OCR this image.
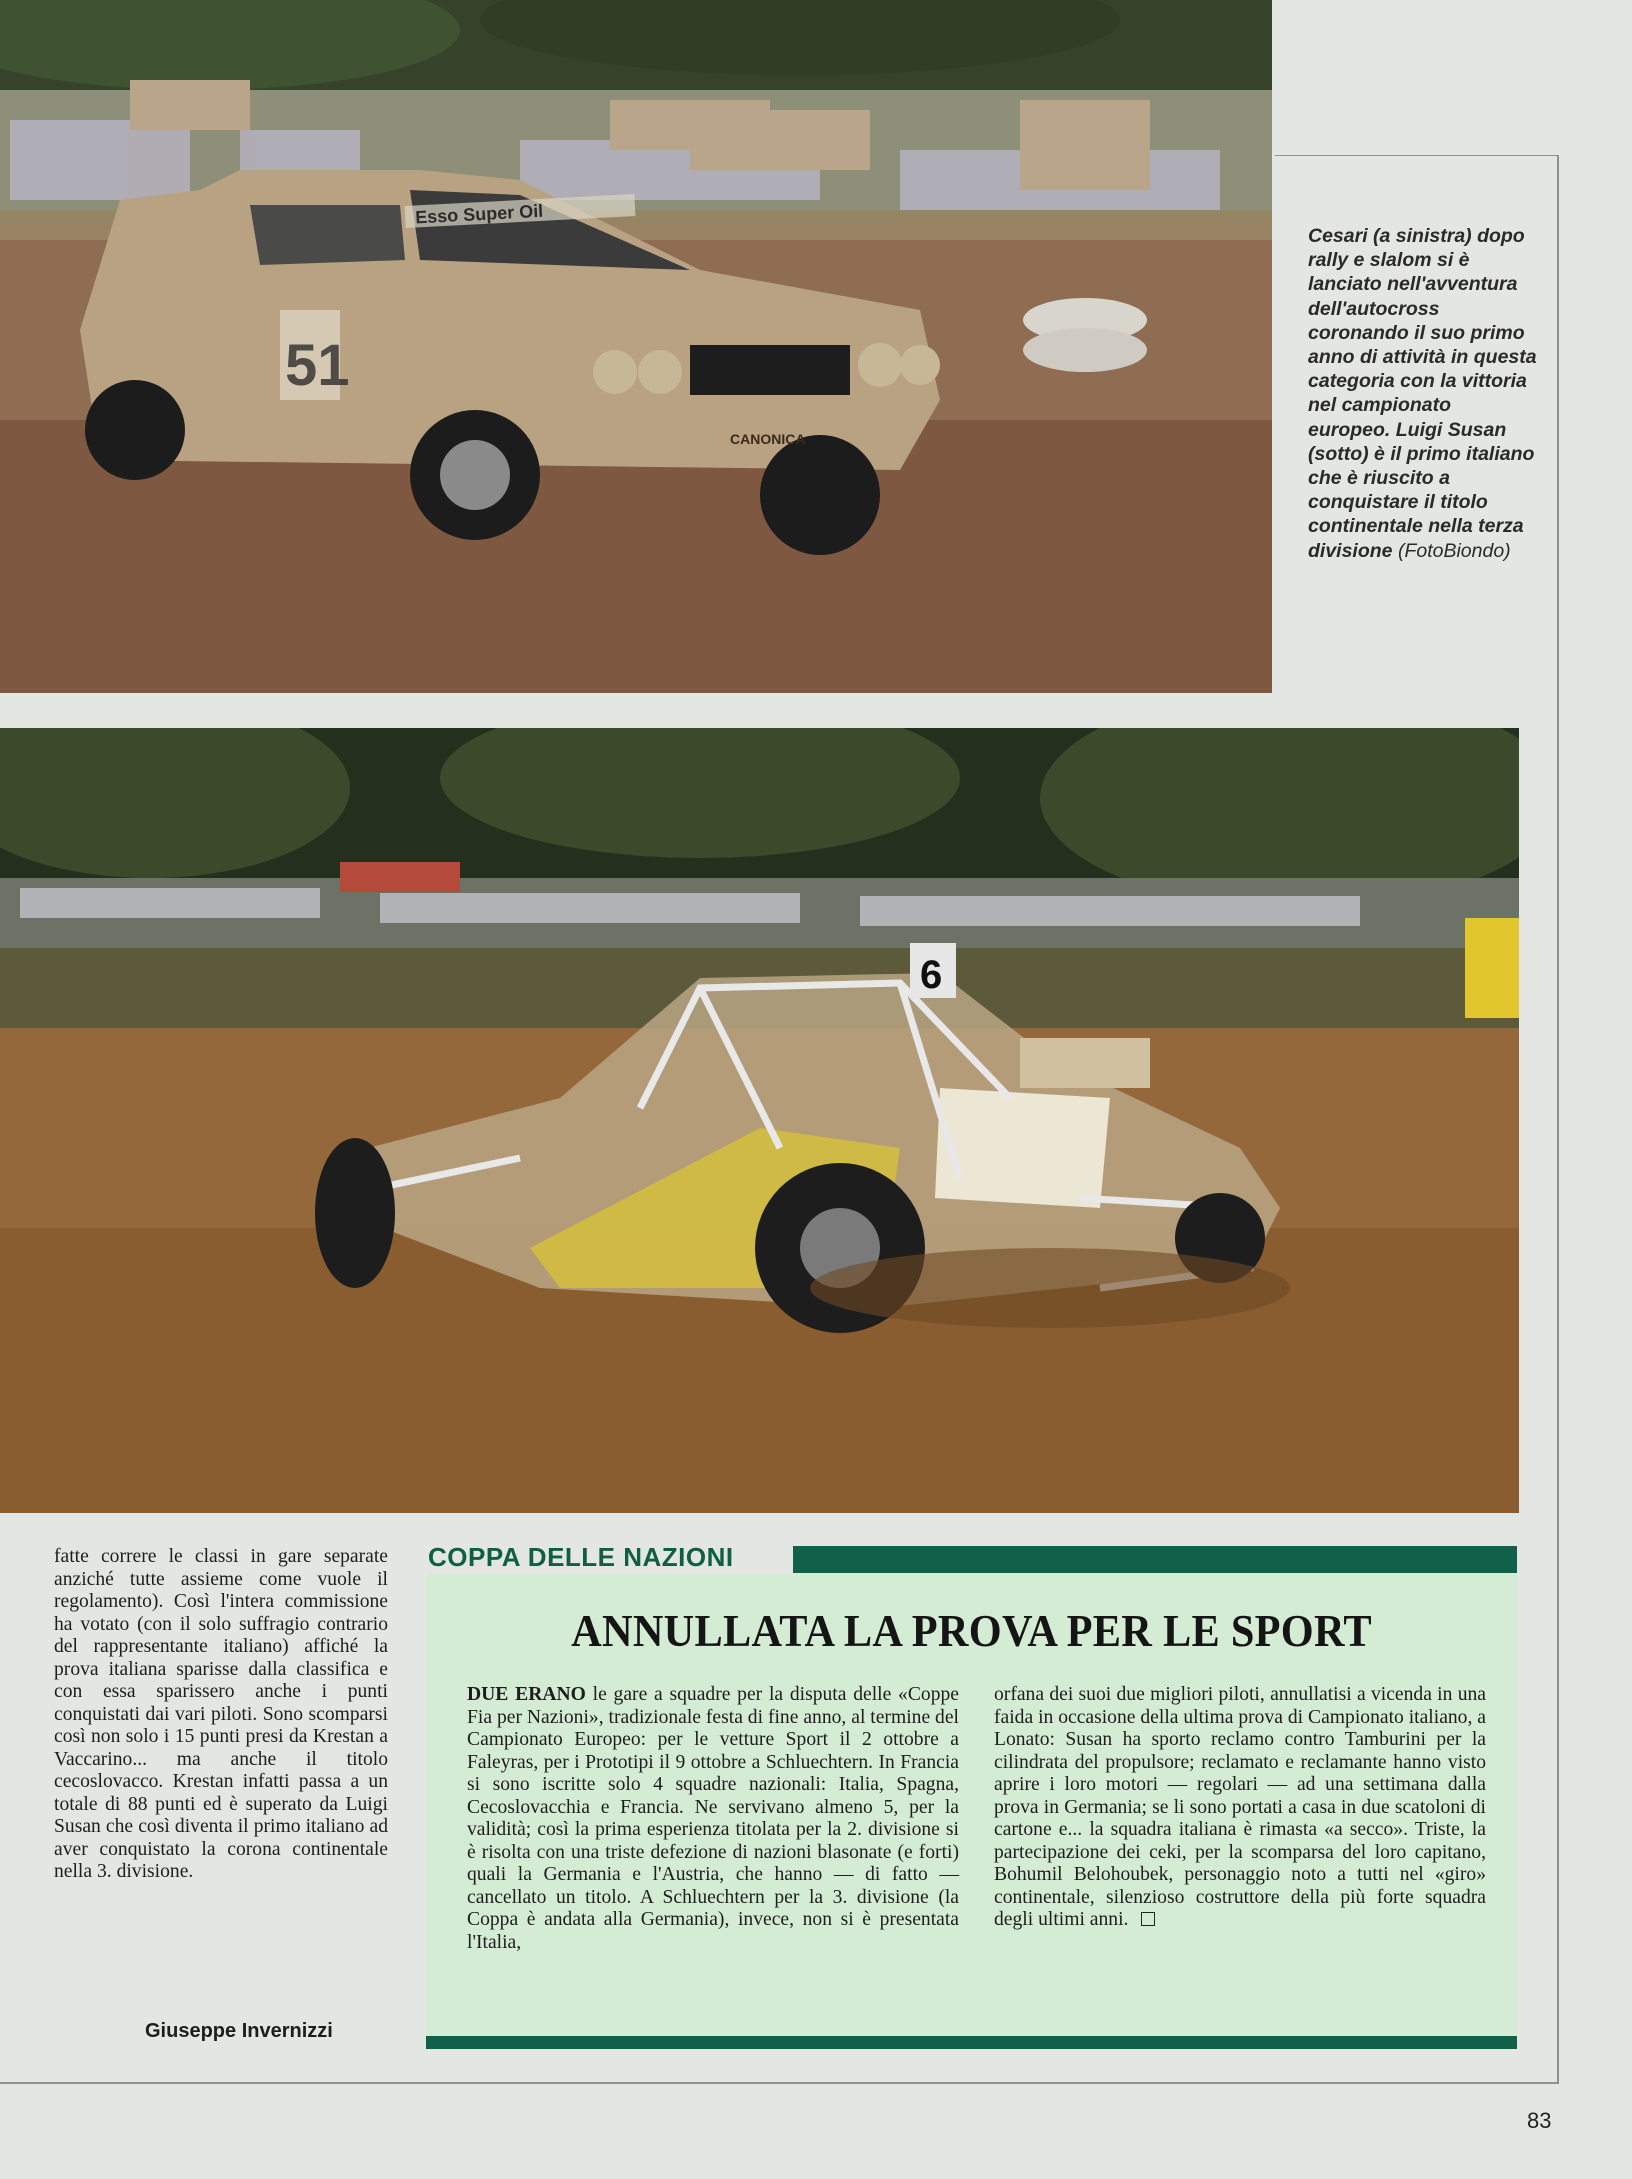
Esso Super Oil
51
CANONICA
Cesari (a sinistra) dopo rally e slalom si è lanciato nell'avventura dell'autocross coronando il suo primo anno di attività in questa categoria con la vittoria nel campionato europeo. Luigi Susan (sotto) è il primo italiano che è riuscito a conquistare il titolo continentale nella terza divisione (FotoBiondo)
6
fatte correre le classi in gare separate anziché tutte assieme come vuole il regolamento). Così l'intera commissione ha votato (con il solo suffragio contrario del rappresentante italiano) affiché la prova italiana sparisse dalla classifica e con essa sparissero anche i punti conquistati dai vari piloti. Sono scomparsi così non solo i 15 punti presi da Krestan a Vaccarino... ma anche il titolo cecoslovacco. Krestan infatti passa a un totale di 88 punti ed è superato da Luigi Susan che così diventa il primo italiano ad aver conquistato la corona continentale nella 3. divisione.
Giuseppe Invernizzi
COPPA DELLE NAZIONI
ANNULLATA LA PROVA PER LE SPORT
DUE ERANO le gare a squadre per la disputa delle «Coppe Fia per Nazioni», tradizionale festa di fine anno, al termine del Campionato Europeo: per le vetture Sport il 2 ottobre a Faleyras, per i Prototipi il 9 ottobre a Schluechtern. In Francia si sono iscritte solo 4 squadre nazionali: Italia, Spagna, Cecoslovacchia e Francia. Ne servivano almeno 5, per la validità; così la prima esperienza titolata per la 2. divisione si è risolta con una triste defezione di nazioni blasonate (e forti) quali la Germania e l'Austria, che hanno — di fatto — cancellato un titolo. A Schluechtern per la 3. divisione (la Coppa è andata alla Germania), invece, non si è presentata l'Italia,
orfana dei suoi due migliori piloti, annullatisi a vicenda in una faida in occasione della ultima prova di Campionato italiano, a Lonato: Susan ha sporto reclamo contro Tamburini per la cilindrata del propulsore; reclamato e reclamante hanno visto aprire i loro motori — regolari — ad una settimana dalla prova in Germania; se li sono portati a casa in due scatoloni di cartone e... la squadra italiana è rimasta «a secco». Triste, la partecipazione dei ceki, per la scomparsa del loro capitano, Bohumil Belohoubek, personaggio noto a tutti nel «giro» continentale, silenzioso costruttore della più forte squadra degli ultimi anni.
83
